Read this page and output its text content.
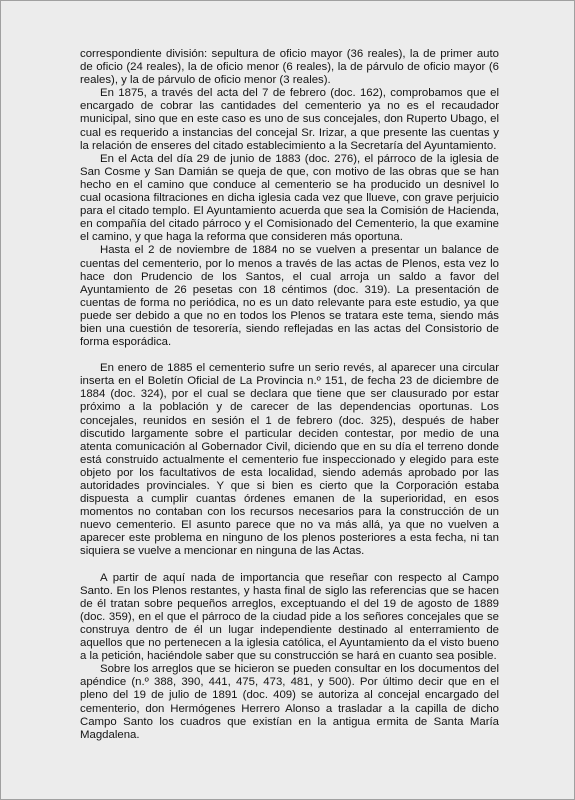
correspondiente división: sepultura de oficio mayor (36 reales), la de primer auto de oficio (24 reales), la de oficio menor (6 reales), la de párvulo de oficio mayor (6 reales), y la de párvulo de oficio menor (3 reales).

En 1875, a través del acta del 7 de febrero (doc. 162), comprobamos que el encargado de cobrar las cantidades del cementerio ya no es el recaudador municipal, sino que en este caso es uno de sus concejales, don Ruperto Ubago, el cual es requerido a instancias del concejal Sr. Irizar, a que presente las cuentas y la relación de enseres del citado establecimiento a la Secretaría del Ayuntamiento.

En el Acta del día 29 de junio de 1883 (doc. 276), el párroco de la iglesia de San Cosme y San Damián se queja de que, con motivo de las obras que se han hecho en el camino que conduce al cementerio se ha producido un desnivel lo cual ocasiona filtraciones en dicha iglesia cada vez que llueve, con grave perjuicio para el citado templo. El Ayuntamiento acuerda que sea la Comisión de Hacienda, en compañía del citado párroco y el Comisionado del Cementerio, la que examine el camino, y que haga la reforma que consideren más oportuna.

Hasta el 2 de noviembre de 1884 no se vuelven a presentar un balance de cuentas del cementerio, por lo menos a través de las actas de Plenos, esta vez lo hace don Prudencio de los Santos, el cual arroja un saldo a favor del Ayuntamiento de 26 pesetas con 18 céntimos (doc. 319). La presentación de cuentas de forma no periódica, no es un dato relevante para este estudio, ya que puede ser debido a que no en todos los Plenos se tratara este tema, siendo más bien una cuestión de tesorería, siendo reflejadas en las actas del Consistorio de forma esporádica.

En enero de 1885 el cementerio sufre un serio revés, al aparecer una circular inserta en el Boletín Oficial de La Provincia n.º 151, de fecha 23 de diciembre de 1884 (doc. 324), por el cual se declara que tiene que ser clausurado por estar próximo a la población y de carecer de las dependencias oportunas. Los concejales, reunidos en sesión el 1 de febrero (doc. 325), después de haber discutido largamente sobre el particular deciden contestar, por medio de una atenta comunicación al Gobernador Civil, diciendo que en su día el terreno donde está construido actualmente el cementerio fue inspeccionado y elegido para este objeto por los facultativos de esta localidad, siendo además aprobado por las autoridades provinciales. Y que si bien es cierto que la Corporación estaba dispuesta a cumplir cuantas órdenes emanen de la superioridad, en esos momentos no contaban con los recursos necesarios para la construcción de un nuevo cementerio. El asunto parece que no va más allá, ya que no vuelven a aparecer este problema en ninguno de los plenos posteriores a esta fecha, ni tan siquiera se vuelve a mencionar en ninguna de las Actas.

A partir de aquí nada de importancia que reseñar con respecto al Campo Santo. En los Plenos restantes, y hasta final de siglo las referencias que se hacen de él tratan sobre pequeños arreglos, exceptuando el del 19 de agosto de 1889 (doc. 359), en el que el párroco de la ciudad pide a los señores concejales que se construya dentro de él un lugar independiente destinado al enterramiento de aquellos que no pertenecen a la iglesia católica, el Ayuntamiento da el visto bueno a la petición, haciéndole saber que su construcción se hará en cuanto sea posible.

Sobre los arreglos que se hicieron se pueden consultar en los documentos del apéndice (n.º 388, 390, 441, 475, 473, 481, y 500). Por último decir que en el pleno del 19 de julio de 1891 (doc. 409) se autoriza al concejal encargado del cementerio, don Hermógenes Herrero Alonso a trasladar a la capilla de dicho Campo Santo los cuadros que existían en la antigua ermita de Santa María Magdalena.
